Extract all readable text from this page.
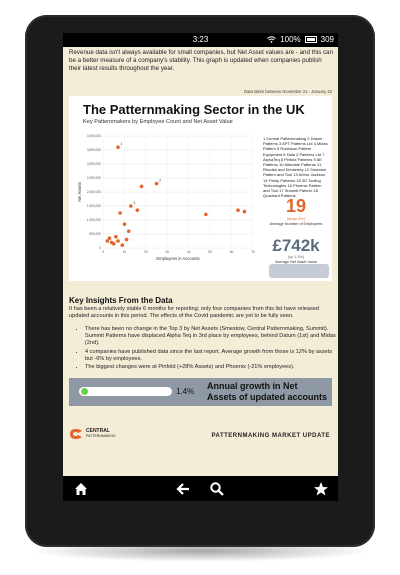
3:23	100%	309
Revenue data isn't always available for small companies, but Net Asset values are - and this can be a better measure of a company's stability. This graph is updated when companies publish their latest results throughout the year.
Data taken between November 21 - January 22
The Patternmaking Sector in the UK
Key Patternmakers by Employee Count and Net Asset Value
0
500,000
1,000,000
1,500,000
2,000,000
2,500,000
3,000,000
3,500,000
4,000,000
0	10	20	30	40	50	60	70
Employees in Accounts
Net Assets
1
2
3
1 Central Patternmaking 2 Datum Patterns 3 APT Patterns Ltd 4 Midas Pattern 5 Robinson Pattern Equipment 6 Data 2 Patterns Ltd 7 AlphaTeq 8 Pinfold Patterns 9 AE Patterns 10 Allerdale Patterns 11 Rhodes and Kimberley 12 Smeaton Pattern and Tool 13 Arthur Jackson 14 Finlay Patterns 15 3D Tooling Technologies 16 Phoenix Pattern and Tool 17 Summit Pattern 18 Quadrant Patterns
19
(down 6%)
Average Number of Employees
£742k
(up 1.5%)
Average Net Asset Value
Key Insights From the Data
It has been a relatively stable 6 months for reporting; only four companies from this list have released updated accounts in this period. The effects of the Covid pandemic are yet to be fully seen.
• There has been no change in the Top 3 by Net Assets (Smestow, Central Patternmaking, Summit). Summit Patterns have displaced Alpha Teq in 3rd place by employees, behind Datum (1st) and Midas (2nd).
• 4 companies have published data since the last report. Average growth from those is 12% by assets but -6% by employees.
• The biggest changes were at Pinfold (+28% Assets) and Phoenix (-21% employees).
1.4%
Annual growth in Net Assets of updated accounts
CENTRAL
PATTERNMAKING	PATTERNMAKING MARKET UPDATE
